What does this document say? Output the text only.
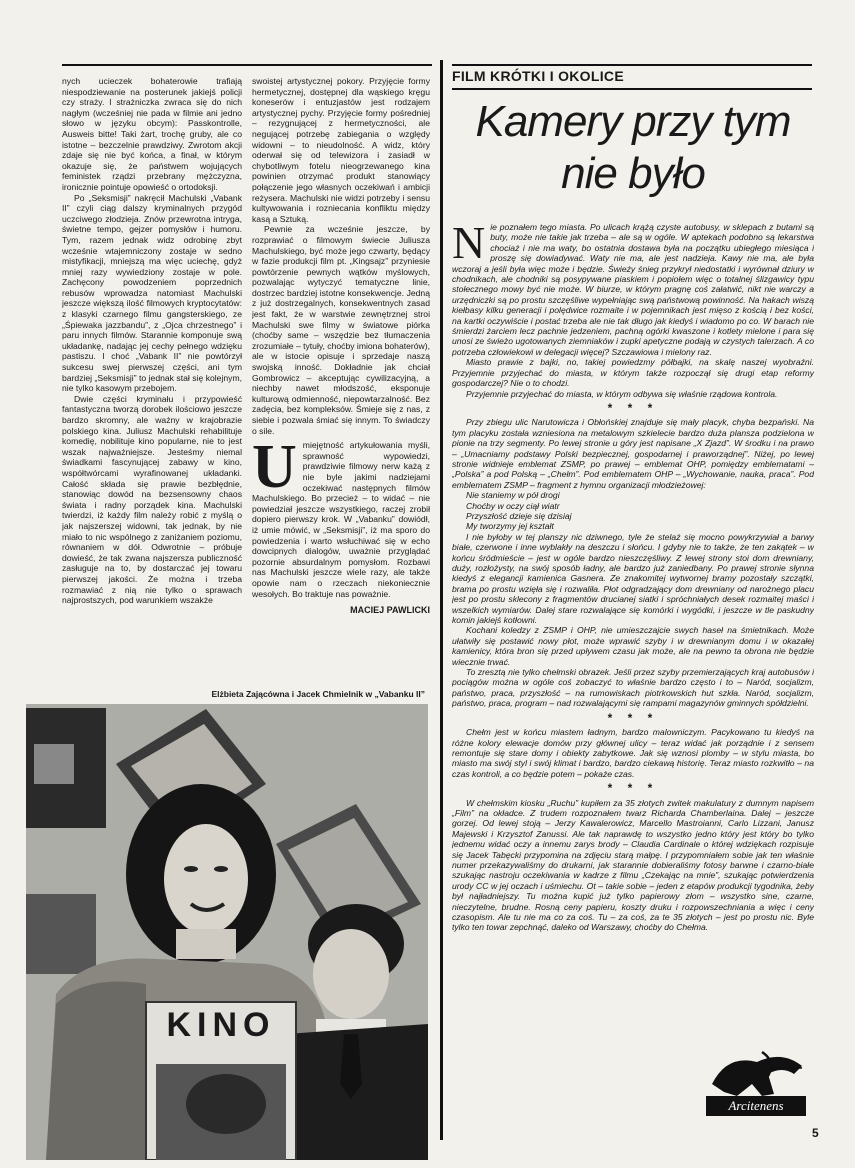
nych ucieczek bohaterowie trafiają niespodziewanie na posterunek jakiejś policji czy straży. I strażniczka zwraca się do nich nagłym (wcześniej nie pada w filmie ani jedno słowo w języku obcym): Passkontrolle, Ausweis bitte! Taki żart, trochę gruby, ale co istotne – bezczelnie prawdziwy. Zwrotom akcji zdaje się nie być końca, a finał, w którym okazuje się, że państwem wojujących feministek rządzi przebrany mężczyzna, ironicznie pointuje opowieść o ortodoksji.

Po „Seksmisji” nakręcił Machulski „Vabank II” czyli ciąg dalszy kryminalnych przygód uczciwego złodzieja. Znów przewrotna intryga, świetne tempo, gejzer pomysłów i humoru. Tym, razem jednak widz odrobinę zbyt wcześnie wtajemniczony zostaje w sedno mistyfikacji, mniejszą ma więc uciechę, gdyż mniej razy wywiedziony zostaje w pole. Zachęcony powodzeniem poprzednich rebusów wprowadza natomiast Machulski jeszcze większą ilość filmowych kryptocytatów: z klasyki czarnego filmu gangsterskiego, ze „Śpiewaka jazzbandu”, z „Ojca chrzestnego” i paru innych filmów. Starannie komponuje swą układankę, nadając jej cechy pełnego wdzięku pastiszu. I choć „Vabank II” nie powtórzył sukcesu swej pierwszej części, ani tym bardziej „Seksmisji” to jednak stał się kolejnym, nie tylko kasowym przebojem.

Dwie części kryminału i przypowieść fantastyczna tworzą dorobek ilościowo jeszcze bardzo skromny, ale ważny w krajobrazie polskiego kina. Juliusz Machulski rehabilituje komedię, nobilituje kino popularne, nie to jest wszak najważniejsze. Jesteśmy niemal świadkami fascynującej zabawy w kino, współtwórcami wyrafinowanej układanki. Całość składa się prawie bezbłędnie, stanowiąc dowód na bezsensowny chaos świata i radny porządek kina. Machulski twierdzi, iż każdy film należy robić z myślą o jak najszerszej widowni, tak jednak, by nie miało to nic wspólnego z zaniżaniem poziomu, równaniem w dół. Odwrotnie – próbuje dowieść, że tak zwana najszersza publiczność zasługuje na to, by dostarczać jej towaru pierwszej jakości. Że można i trzeba rozmawiać z nią nie tylko o sprawach najprostszych, pod warunkiem wszakże

swoistej artystycznej pokory. Przyjęcie formy hermetycznej, dostępnej dla wąskiego kręgu koneserów i entuzjastów jest rodzajem artystycznej pychy. Przyjęcie formy pośredniej – rezygnującej z hermetyczności, ale negującej potrzebę zabiegania o względy widowni – to nieudolność. A widz, który oderwał się od telewizora i zasiadł w chybotliwym fotelu nieogrzewanego kina powinien otrzymać produkt stanowiący połączenie jego własnych oczekiwań i ambicji reżysera. Machulski nie widzi potrzeby i sensu kultywowania i rozniecania konfliktu między kasą a Sztuką.

Pewnie za wcześnie jeszcze, by rozprawiać o filmowym świecie Juliusza Machulskiego, być może jego czwarty, będący w fazie produkcji film pt. „Kingsajz” przyniesie powtórzenie pewnych wątków myślowych, pozwalając wytyczyć tematyczne linie, dostrzec bardziej istotne konsekwencje. Jedną z już dostrzegalnych, konsekwentnych zasad jest fakt, że w warstwie zewnętrznej stroi Machulski swe filmy w światowe piórka (choćby same – wszędzie bez tłumaczenia zrozumiałe – tytuły, choćby imiona bohaterów), ale w istocie opisuje i sprzedaje naszą swojską inność. Dokładnie jak chciał Gombrowicz – akceptując cywilizacyjną, a niechby nawet młodszość, eksponuje kulturową odmienność, niepowtarzalność. Bez zadęcia, bez kompleksów. Śmieje się z nas, z siebie i pozwala śmiać się innym. To świadczy o sile.

U miejętność artykułowania myśli, sprawność wypowiedzi, prawdziwie filmowy nerw każą z nie byle jakimi nadziejami oczekiwać następnych filmów Machulskiego. Bo przecież – to widać – nie powiedział jeszcze wszystkiego, raczej zrobił dopiero pierwszy krok. W „Vabanku” dowiódł, iż umie mówić, w „Seksmisji”, iż ma sporo do powiedzenia i warto wsłuchiwać się w echo dowcipnych dialogów, uważnie przyglądać pozornie absurdalnym pomysłom. Rozbawi nas Machulski jeszcze wiele razy, ale także opowie nam o rzeczach niekoniecznie wesołych. Bo traktuje nas poważnie.
MACIEJ PAWLICKI
Elżbieta Zającówna i Jacek Chmielnik w „Vabanku II”
KINO
FILM KRÓTKI I OKOLICE
Kamery przy tym
nie było

Nie poznałem tego miasta. Po ulicach krążą czyste autobusy, w sklepach z butami są buty, może nie takie jak trzeba – ale są w ogóle. W aptekach podobno są lekarstwa chociaż i nie ma waty, bo ostatnia dostawa była na początku ubiegłego miesiąca i proszę się dowiadywać. Waty nie ma, ale jest nadzieja. Kawy nie ma, ale była wczoraj a jeśli była więc może i będzie. Świeży śnieg przykrył niedostatki i wyrównał dziury w chodnikach, ale chodniki są posypywane piaskiem i popiołem więc o totalnej ślizgawicy typu stołecznego mowy być nie może. W biurze, w którym pragnę coś załatwić, nikt nie warczy a urzędniczki są po prostu szczęśliwe wypełniając swą państwową powinność. Na hakach wiszą kiełbasy kilku generacji i polędwice rozmaite i w pojemnikach jest mięso z kością i bez kości, na kartki oczywiście i postać trzeba ale nie tak długo jak kiedyś i wiadomo po co. W barach nie śmierdzi żarciem lecz pachnie jedzeniem, pachną ogórki kwaszone i kotlety mielone i para się unosi ze świeżo ugotowanych ziemniaków i zupki apetyczne podają w czystych talerzach. A co potrzeba człowiekowi w delegacji więcej? Szczawiowa i mielony raz.

Miasto prawie z bajki, no, takiej powiedzmy półbajki, na skalę naszej wyobraźni. Przyjemnie przyjechać do miasta, w którym także rozpoczął się drugi etap reformy gospodarczej? Nie o to chodzi.

Przyjemnie przyjechać do miasta, w którym odbywa się właśnie rządowa kontrola.

* * *

Przy zbiegu ulic Narutowicza i Obłońskiej znajduje się mały placyk, chyba bezpański. Na tym placyku została wzniesiona na metalowym szkielecie bardzo duża plansza podzielona w pionie na trzy segmenty. Po lewej stronie u góry jest napisane „X Zjazd”. W środku i na prawo – „Umacniamy podstawy Polski bezpiecznej, gospodarnej i praworządnej”. Niżej, po lewej stronie widnieje emblemat ZSMP, po prawej – emblemat OHP, pomiędzy emblematami – „Polska” a pod Polską – „Chełm”. Pod emblematem OHP – „Wychowanie, nauka, praca”. Pod emblematem ZSMP – fragment z hymnu organizacji młodzieżowej:

Nie staniemy w pół drogi

Choćby w oczy ciął wiatr

Przyszłość dzieje się dzisiaj

My tworzymy jej kształt

I nie byłoby w tej planszy nic dziwnego, tyle że stelaż się mocno powykrzywiał a barwy białe, czerwone i inne wyblakły na deszczu i słońcu. I gdyby nie to także, że ten zakątek – w końcu śródmieście – jest w ogóle bardzo nieszczęśliwy. Z lewej strony stoi dom drewniany, duży, rozłożysty, na swój sposób ładny, ale bardzo już zaniedbany. Po prawej stronie słynna kiedyś z elegancji kamienica Gasnera. Ze znakomitej wytwornej bramy pozostały szczątki, brama po prostu wzięła się i rozwaliła. Płot odgradzający dom drewniany od narożnego placu jest po prostu sklecony z fragmentów drucianej siatki i spróchniałych desek rozmaitej maści i wszelkich wymiarów. Dalej stare rozwalające się komórki i wygódki, i jeszcze w tle paskudny komin jakiejś kotłowni.

Kochani koledzy z ZSMP i OHP, nie umieszczajcie swych haseł na śmietnikach. Może ułatwiły się postawić nowy płot, może wprawić szyby i w drewnianym domu i w okazałej kamienicy, która bron się przed upływem czasu jak może, ale na pewno ta obrona nie będzie wiecznie trwać.

To zresztą nie tylko chełmski obrazek. Jeśli przez szyby przemierzających kraj autobusów i pociągów można w ogóle coś zobaczyć to właśnie bardzo często i to – Naród, socjalizm, państwo, praca, przyszłość – na rumowiskach piotrkowskich hut szkła. Naród, socjalizm, państwo, praca, program – nad rozwalającymi się rampami magazynów gminnych spółdzielni.

* * *

Chełm jest w końcu miastem ładnym, bardzo malowniczym. Pacykowano tu kiedyś na różne kolory elewacje domów przy głównej ulicy – teraz widać jak porządnie i z sensem remontuje się stare domy i obiekty zabytkowe. Jak się wznosi plomby – w stylu miasta, bo miasto ma swój styl i swój klimat i bardzo, bardzo ciekawą historię. Teraz miasto rozkwitło – na czas kontroli, a co będzie potem – pokaże czas.

* * *

W chełmskim kiosku „Ruchu” kupiłem za 35 złotych zwitek makulatury z dumnym napisem „Film” na okładce. Z trudem rozpoznałem twarz Richarda Chamberlaina. Dalej – jeszcze gorzej. Od lewej stoją – Jerzy Kawalerowicz, Marcello Mastroianni, Carlo Lizzani, Janusz Majewski i Krzysztof Zanussi. Ale tak naprawdę to wszystko jedno który jest który bo tylko jednemu widać oczy a innemu zarys brody – Claudia Cardinale o której wdziękach rozpisuje się Jacek Tabęcki przypomina na zdjęciu starą małpę. I przypomniałem sobie jak ten właśnie numer przekazywaliśmy do drukarni, jak starannie dobieraliśmy fotosy barwne i czarno-białe szukając nastroju oczekiwania w kadrze z filmu „Czekając na mnie”, szukając potwierdzenia urody CC w jej oczach i uśmiechu. Ot – takie sobie – jeden z etapów produkcji tygodnika, żeby był najładniejszy. Tu można kupić już tylko papierowy złom – wszystko sine, czarne, nieczytelne, brudne. Rosną ceny papieru, koszty druku i rozpowszechniania a więc i ceny czasopism. Ale tu nie ma co za coś. Tu – za coś, za te 35 złotych – jest po prostu nic. Byle tylko ten towar zepchnąć, daleko od Warszawy, choćby do Chełma.

Arcitenens
5
